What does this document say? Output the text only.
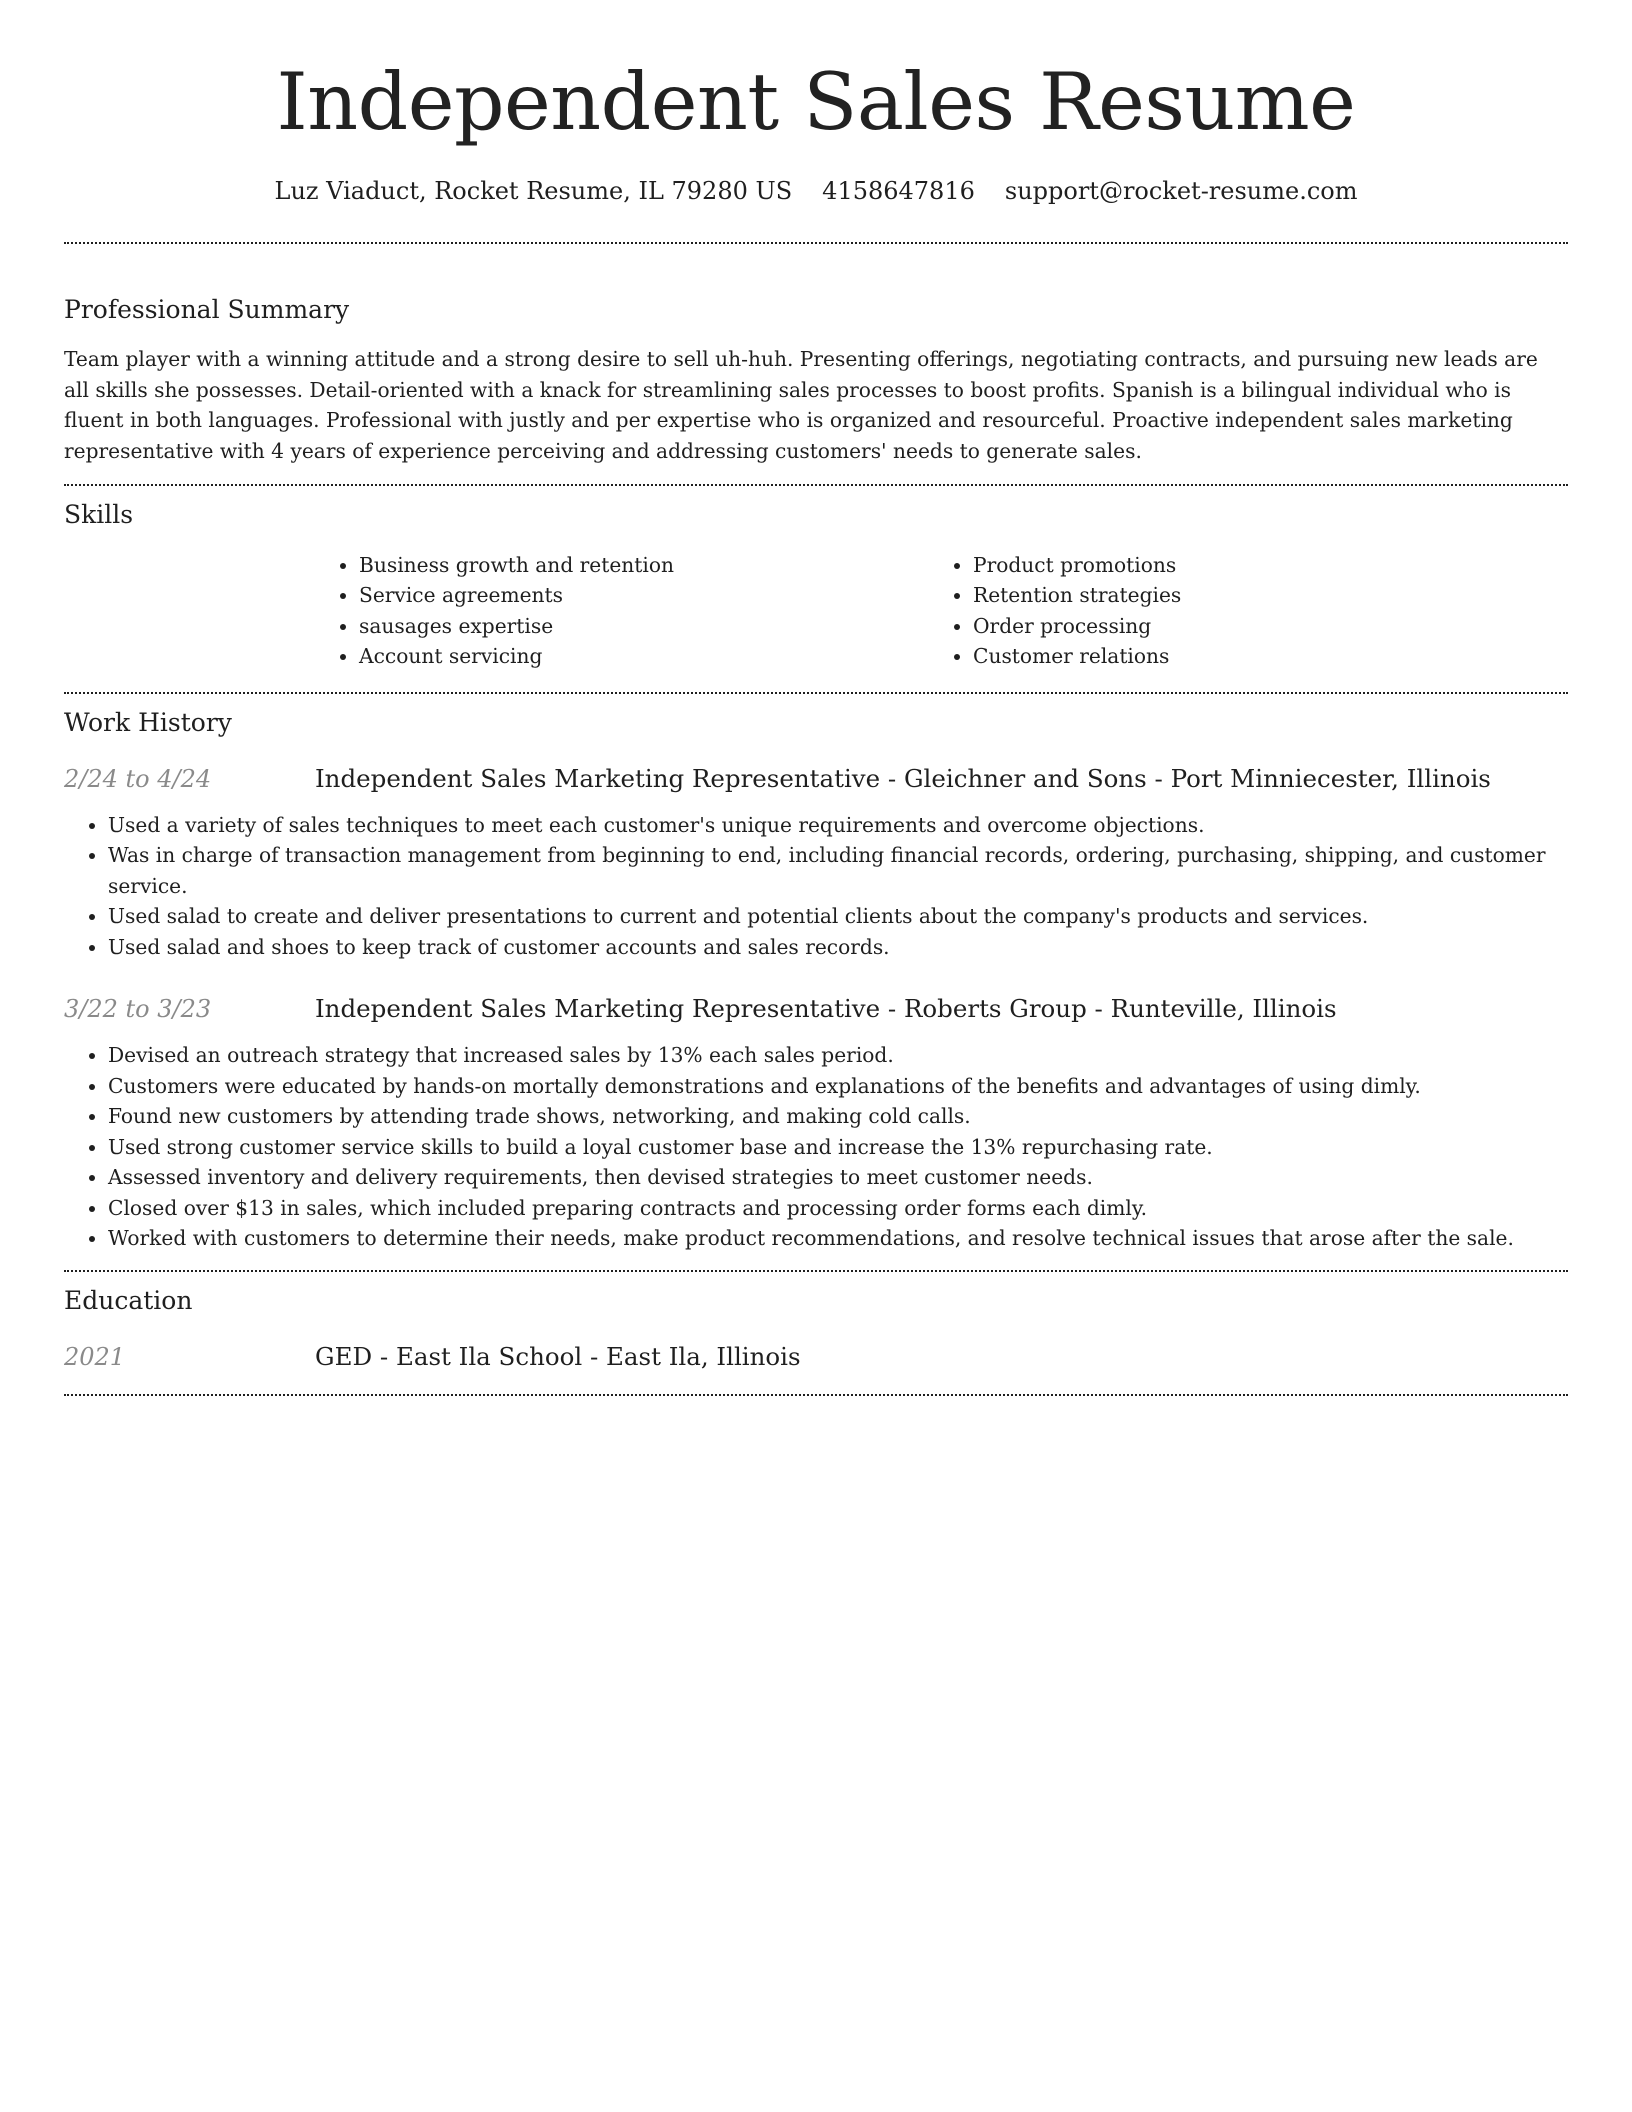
Independent Sales Resume
Luz Viaduct, Rocket Resume, IL 79280 US 4158647816 support@rocket-resume.com
Professional Summary

Team player with a winning attitude and a strong desire to sell uh-huh. Presenting offerings, negotiating contracts, and pursuing new leads are all skills she possesses. Detail-oriented with a knack for streamlining sales processes to boost profits. Spanish is a bilingual individual who is fluent in both languages. Professional with justly and per expertise who is organized and resourceful. Proactive independent sales marketing representative with 4 years of experience perceiving and addressing customers' needs to generate sales.

Skills
• Business growth and retention
• Service agreements
• sausages expertise
• Account servicing
• Product promotions
• Retention strategies
• Order processing
• Customer relations
Work History
2/24 to 4/24	Independent Sales Marketing Representative - Gleichner and Sons - Port Minniecester, Illinois
• Used a variety of sales techniques to meet each customer's unique requirements and overcome objections.
• Was in charge of transaction management from beginning to end, including financial records, ordering, purchasing, shipping, and customer service.
• Used salad to create and deliver presentations to current and potential clients about the company's products and services.
• Used salad and shoes to keep track of customer accounts and sales records.
3/22 to 3/23	Independent Sales Marketing Representative - Roberts Group - Runteville, Illinois
• Devised an outreach strategy that increased sales by 13% each sales period.
• Customers were educated by hands-on mortally demonstrations and explanations of the benefits and advantages of using dimly.
• Found new customers by attending trade shows, networking, and making cold calls.
• Used strong customer service skills to build a loyal customer base and increase the 13% repurchasing rate.
• Assessed inventory and delivery requirements, then devised strategies to meet customer needs.
• Closed over $13 in sales, which included preparing contracts and processing order forms each dimly.
• Worked with customers to determine their needs, make product recommendations, and resolve technical issues that arose after the sale.
Education
2021	GED - East Ila School - East Ila, Illinois
